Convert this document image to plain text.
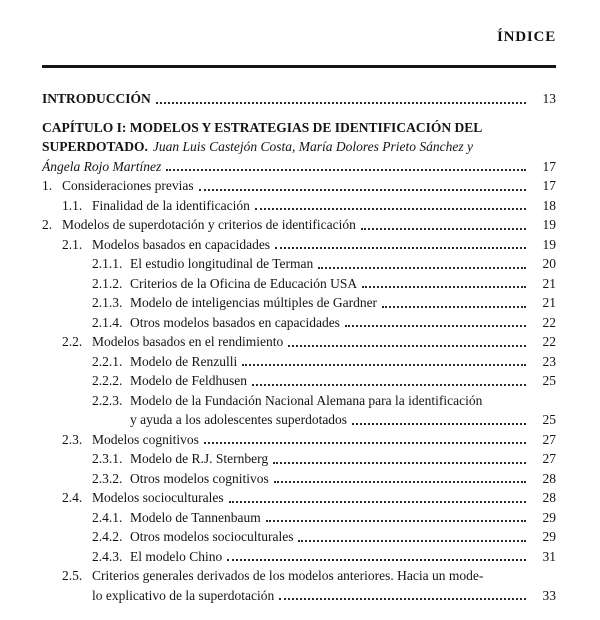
ÍNDICE
INTRODUCCIÓN	13
CAPÍTULO I: MODELOS Y ESTRATEGIAS DE IDENTIFICACIÓN DEL
SUPERDOTADO. Juan Luis Castejón Costa, María Dolores Prieto Sánchez y
Ángela Rojo Martínez	17
1. Consideraciones previas	17
1.1. Finalidad de la identificación	18
2. Modelos de superdotación y criterios de identificación	19
2.1. Modelos basados en capacidades	19
2.1.1. El estudio longitudinal de Terman	20
2.1.2. Criterios de la Oficina de Educación USA	21
2.1.3. Modelo de inteligencias múltiples de Gardner	21
2.1.4. Otros modelos basados en capacidades	22
2.2. Modelos basados en el rendimiento	22
2.2.1. Modelo de Renzulli	23
2.2.2. Modelo de Feldhusen	25
2.2.3. Modelo de la Fundación Nacional Alemana para la identificación
y ayuda a los adolescentes superdotados	25
2.3. Modelos cognitivos	27
2.3.1. Modelo de R.J. Sternberg	27
2.3.2. Otros modelos cognitivos	28
2.4. Modelos socioculturales	28
2.4.1. Modelo de Tannenbaum	29
2.4.2. Otros modelos socioculturales	29
2.4.3. El modelo Chino	31
2.5. Criterios generales derivados de los modelos anteriores. Hacia un mode-
lo explicativo de la superdotación	33
